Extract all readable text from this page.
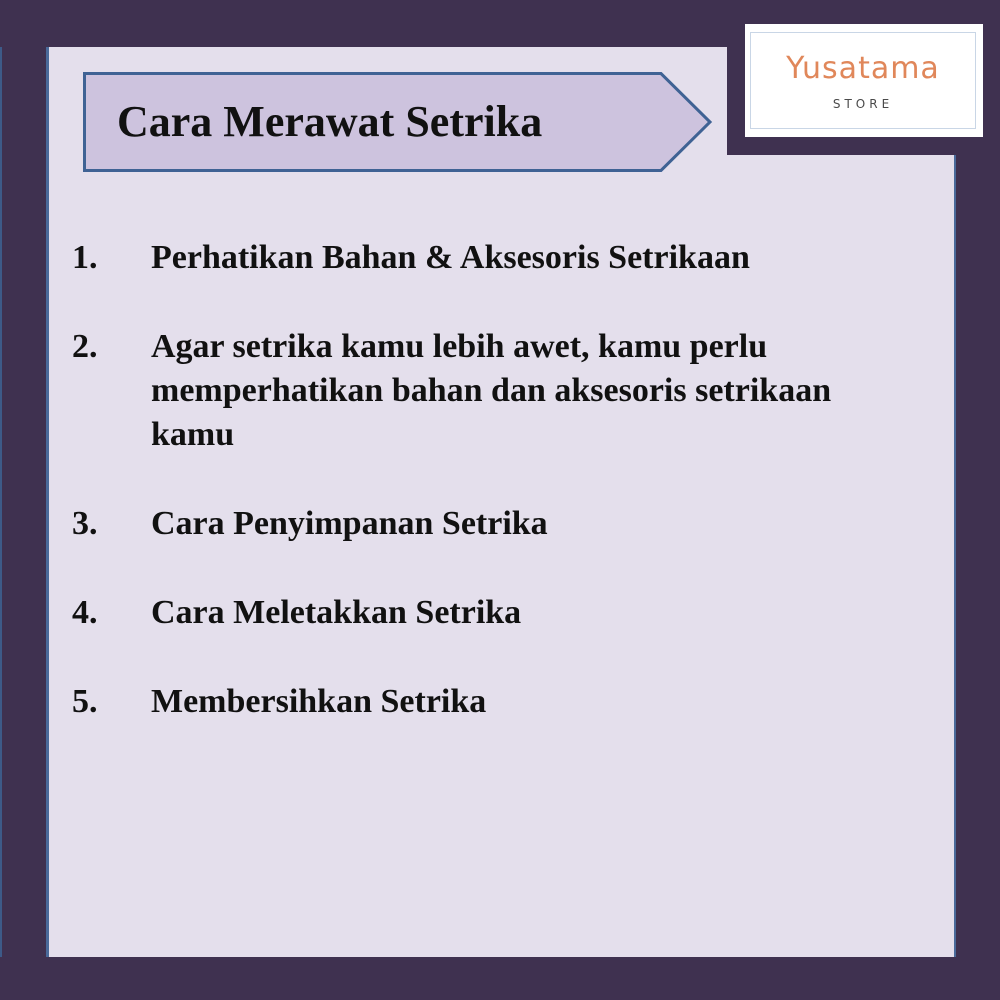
Cara Merawat Setrika
Yusatama
STORE
1. Perhatikan Bahan & Aksesoris Setrikaan
2. Agar setrika kamu lebih awet, kamu perlu memperhatikan bahan dan aksesoris setrikaan kamu
3. Cara Penyimpanan Setrika
4. Cara Meletakkan Setrika
5. Membersihkan Setrika
